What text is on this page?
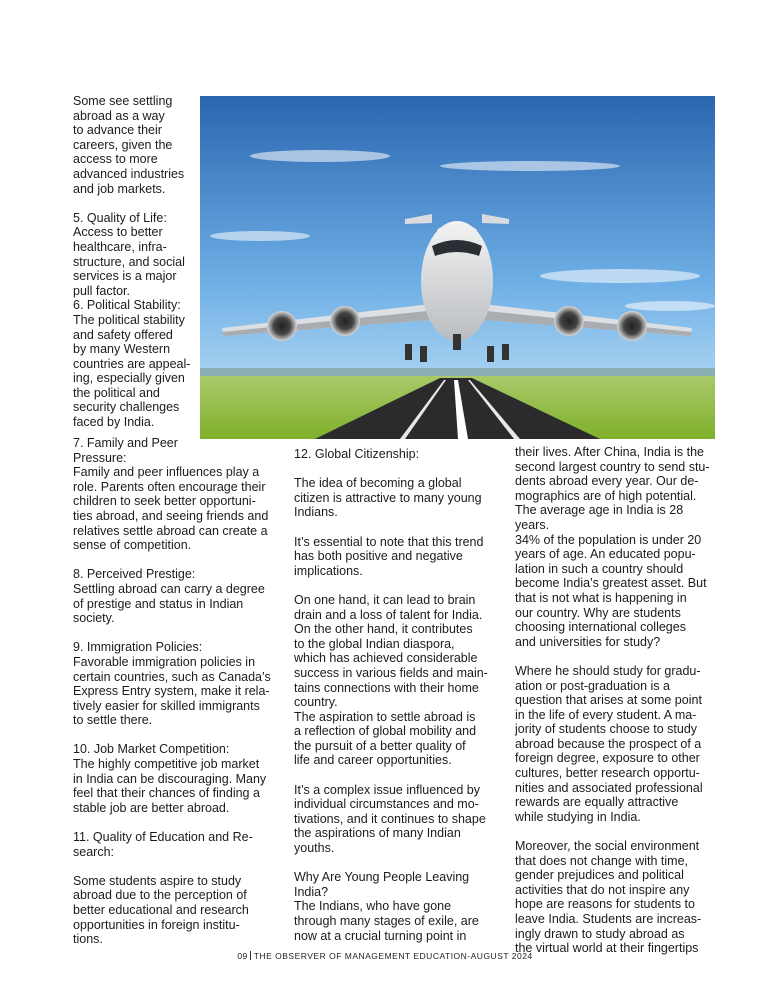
Some see settling
abroad as a way
to advance their
careers, given the
access to more
advanced industries
and job markets.

5. Quality of Life:
Access to better
healthcare, infra-
structure, and social
services is a major
pull factor.
6. Political Stability:
The political stability
and safety offered
by many Western
countries are appeal-
ing, especially given
the political and
security challenges
faced by India.

7. Family and Peer
Pressure:
Family and peer influences play a
role. Parents often encourage their
children to seek better opportuni-
ties abroad, and seeing friends and
relatives settle abroad can create a
sense of competition.

8. Perceived Prestige:
Settling abroad can carry a degree
of prestige and status in Indian
society.

9. Immigration Policies:
Favorable immigration policies in
certain countries, such as Canada’s
Express Entry system, make it rela-
tively easier for skilled immigrants
to settle there.

10. Job Market Competition:
The highly competitive job market
in India can be discouraging. Many
feel that their chances of finding a
stable job are better abroad.

11. Quality of Education and Re-
search:

Some students aspire to study
abroad due to the perception of
better educational and research
opportunities in foreign institu-
tions.

12. Global Citizenship:

The idea of becoming a global
citizen is attractive to many young
Indians.

It’s essential to note that this trend
has both positive and negative
implications.

On one hand, it can lead to brain
drain and a loss of talent for India.
On the other hand, it contributes
to the global Indian diaspora,
which has achieved considerable
success in various fields and main-
tains connections with their home
country.
The aspiration to settle abroad is
a reflection of global mobility and
the pursuit of a better quality of
life and career opportunities.

It’s a complex issue influenced by
individual circumstances and mo-
tivations, and it continues to shape
the aspirations of many Indian
youths.

Why Are Young People Leaving
India?
The Indians, who have gone
through many stages of exile, are
now at a crucial turning point in

their lives. After China, India is the
second largest country to send stu-
dents abroad every year. Our de-
mographics are of high potential.
The average age in India is 28 years.
34% of the population is under 20
years of age. An educated popu-
lation in such a country should
become India’s greatest asset. But
that is not what is happening in
our country. Why are students
choosing international colleges
and universities for study?

Where he should study for gradu-
ation or post-graduation is a
question that arises at some point
in the life of every student. A ma-
jority of students choose to study
abroad because the prospect of a
foreign degree, exposure to other
cultures, better research opportu-
nities and associated professional
rewards are equally attractive
while studying in India.

Moreover, the social environment
that does not change with time,
gender prejudices and political
activities that do not inspire any
hope are reasons for students to
leave India. Students are increas-
ingly drawn to study abroad as
the virtual world at their fingertips

09 THE OBSERVER OF MANAGEMENT EDUCATION-AUGUST 2024
